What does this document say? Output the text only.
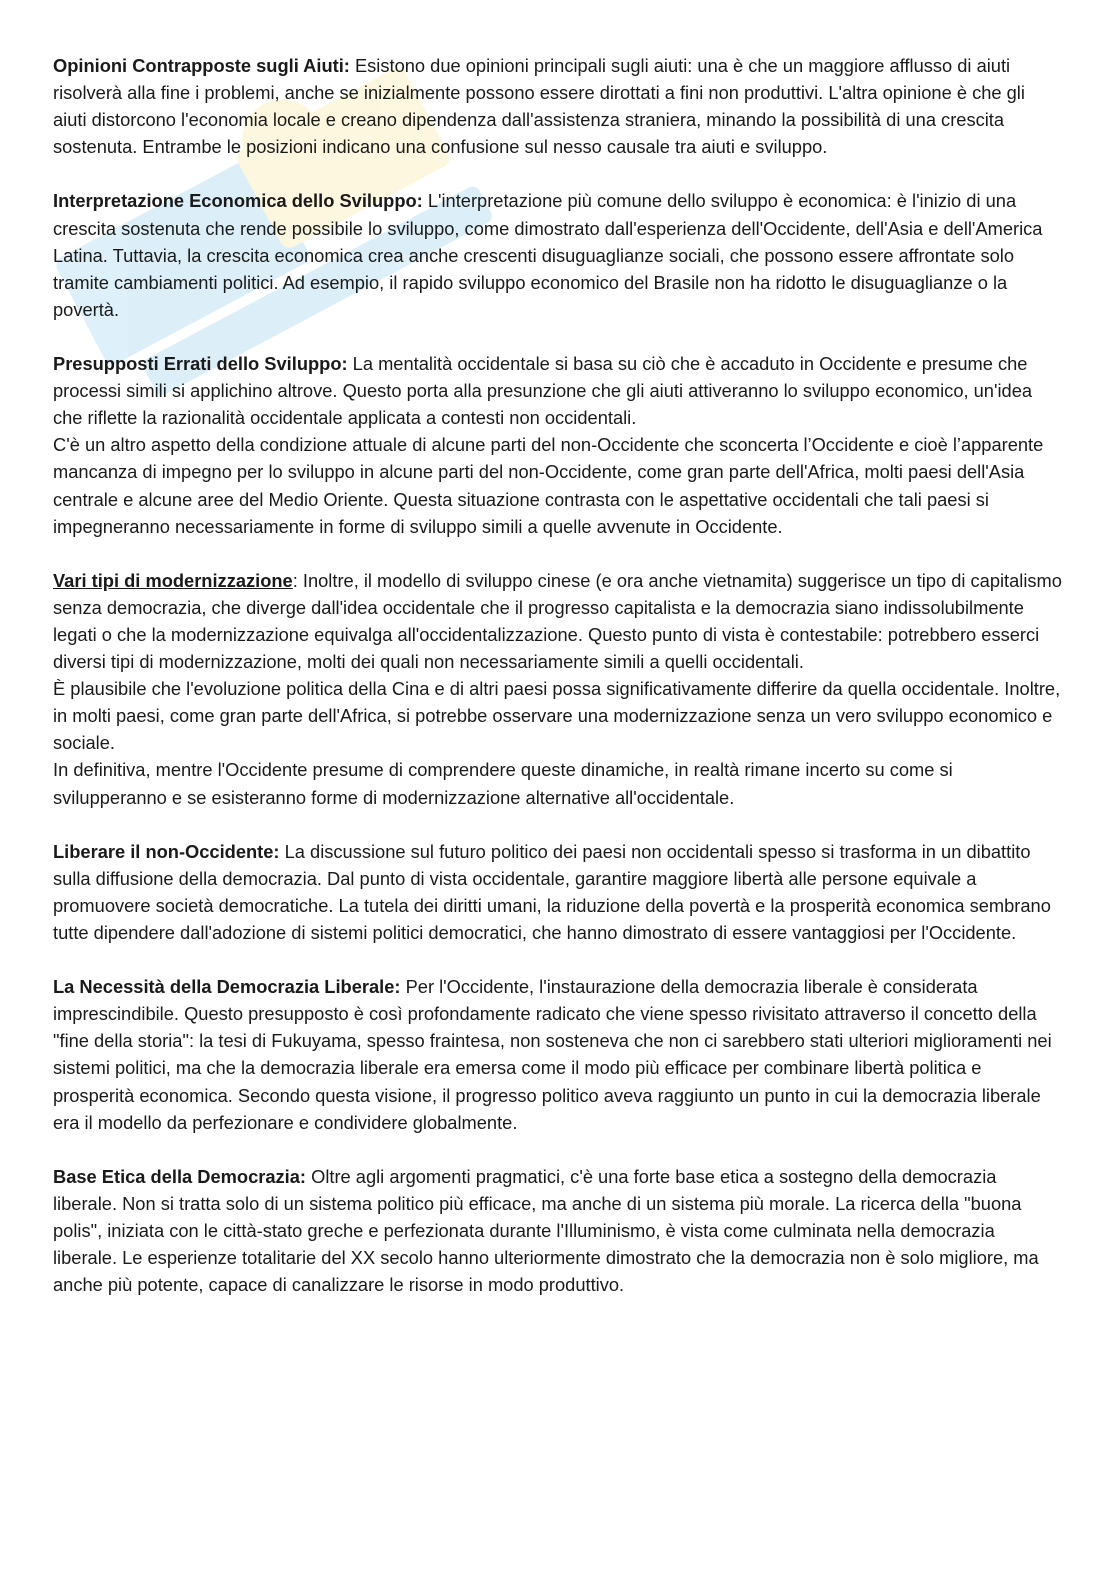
Opinioni Contrapposte sugli Aiuti: Esistono due opinioni principali sugli aiuti: una è che un maggiore afflusso di aiuti risolverà alla fine i problemi, anche se inizialmente possono essere dirottati a fini non produttivi. L'altra opinione è che gli aiuti distorcono l'economia locale e creano dipendenza dall'assistenza straniera, minando la possibilità di una crescita sostenuta. Entrambe le posizioni indicano una confusione sul nesso causale tra aiuti e sviluppo.

Interpretazione Economica dello Sviluppo: L'interpretazione più comune dello sviluppo è economica: è l'inizio di una crescita sostenuta che rende possibile lo sviluppo, come dimostrato dall'esperienza dell'Occidente, dell'Asia e dell'America Latina. Tuttavia, la crescita economica crea anche crescenti disuguaglianze sociali, che possono essere affrontate solo tramite cambiamenti politici. Ad esempio, il rapido sviluppo economico del Brasile non ha ridotto le disuguaglianze o la povertà.

Presupposti Errati dello Sviluppo: La mentalità occidentale si basa su ciò che è accaduto in Occidente e presume che processi simili si applichino altrove. Questo porta alla presunzione che gli aiuti attiveranno lo sviluppo economico, un'idea che riflette la razionalità occidentale applicata a contesti non occidentali.

C'è un altro aspetto della condizione attuale di alcune parti del non-Occidente che sconcerta l’Occidente e cioè l’apparente mancanza di impegno per lo sviluppo in alcune parti del non-Occidente, come gran parte dell'Africa, molti paesi dell'Asia centrale e alcune aree del Medio Oriente. Questa situazione contrasta con le aspettative occidentali che tali paesi si impegneranno necessariamente in forme di sviluppo simili a quelle avvenute in Occidente.

Vari tipi di modernizzazione: Inoltre, il modello di sviluppo cinese (e ora anche vietnamita) suggerisce un tipo di capitalismo senza democrazia, che diverge dall'idea occidentale che il progresso capitalista e la democrazia siano indissolubilmente legati o che la modernizzazione equivalga all'occidentalizzazione. Questo punto di vista è contestabile: potrebbero esserci diversi tipi di modernizzazione, molti dei quali non necessariamente simili a quelli occidentali.

È plausibile che l'evoluzione politica della Cina e di altri paesi possa significativamente differire da quella occidentale. Inoltre, in molti paesi, come gran parte dell'Africa, si potrebbe osservare una modernizzazione senza un vero sviluppo economico e sociale.

In definitiva, mentre l'Occidente presume di comprendere queste dinamiche, in realtà rimane incerto su come si svilupperanno e se esisteranno forme di modernizzazione alternative all'occidentale.

Liberare il non-Occidente: La discussione sul futuro politico dei paesi non occidentali spesso si trasforma in un dibattito sulla diffusione della democrazia. Dal punto di vista occidentale, garantire maggiore libertà alle persone equivale a promuovere società democratiche. La tutela dei diritti umani, la riduzione della povertà e la prosperità economica sembrano tutte dipendere dall'adozione di sistemi politici democratici, che hanno dimostrato di essere vantaggiosi per l'Occidente.

La Necessità della Democrazia Liberale: Per l'Occidente, l'instaurazione della democrazia liberale è considerata imprescindibile. Questo presupposto è così profondamente radicato che viene spesso rivisitato attraverso il concetto della "fine della storia": la tesi di Fukuyama, spesso fraintesa, non sosteneva che non ci sarebbero stati ulteriori miglioramenti nei sistemi politici, ma che la democrazia liberale era emersa come il modo più efficace per combinare libertà politica e prosperità economica. Secondo questa visione, il progresso politico aveva raggiunto un punto in cui la democrazia liberale era il modello da perfezionare e condividere globalmente.

Base Etica della Democrazia: Oltre agli argomenti pragmatici, c'è una forte base etica a sostegno della democrazia liberale. Non si tratta solo di un sistema politico più efficace, ma anche di un sistema più morale. La ricerca della "buona polis", iniziata con le città-stato greche e perfezionata durante l'Illuminismo, è vista come culminata nella democrazia liberale. Le esperienze totalitarie del XX secolo hanno ulteriormente dimostrato che la democrazia non è solo migliore, ma anche più potente, capace di canalizzare le risorse in modo produttivo.
